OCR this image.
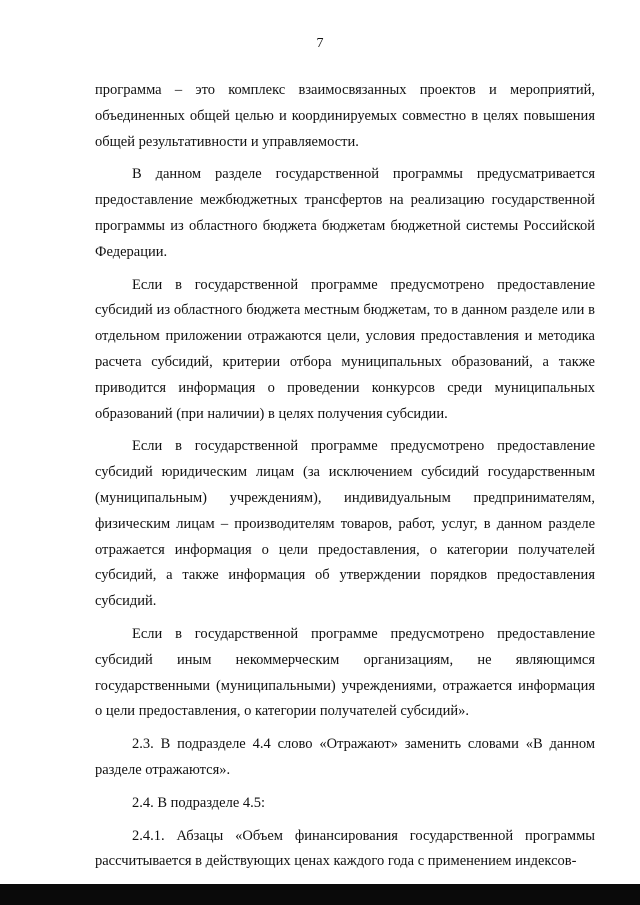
7

программа – это комплекс взаимосвязанных проектов и мероприятий, объединенных общей целью и координируемых совместно в целях повышения общей результативности и управляемости.

В данном разделе государственной программы предусматривается предоставление межбюджетных трансфертов на реализацию государственной программы из областного бюджета бюджетам бюджетной системы Российской Федерации.

Если в государственной программе предусмотрено предоставление субсидий из областного бюджета местным бюджетам, то в данном разделе или в отдельном приложении отражаются цели, условия предоставления и методика расчета субсидий, критерии отбора муниципальных образований, а также приводится информация о проведении конкурсов среди муниципальных образований (при наличии) в целях получения субсидии.

Если в государственной программе предусмотрено предоставление субсидий юридическим лицам (за исключением субсидий государственным (муниципальным) учреждениям), индивидуальным предпринимателям, физическим лицам – производителям товаров, работ, услуг, в данном разделе отражается информация о цели предоставления, о категории получателей субсидий, а также информация об утверждении порядков предоставления субсидий.

Если в государственной программе предусмотрено предоставление субсидий иным некоммерческим организациям, не являющимся государственными (муниципальными) учреждениями, отражается информация о цели предоставления, о категории получателей субсидий».

2.3. В подразделе 4.4 слово «Отражают» заменить словами «В данном разделе отражаются».

2.4. В подразделе 4.5:

2.4.1. Абзацы «Объем финансирования государственной программы рассчитывается в действующих ценах каждого года с применением индексов-
